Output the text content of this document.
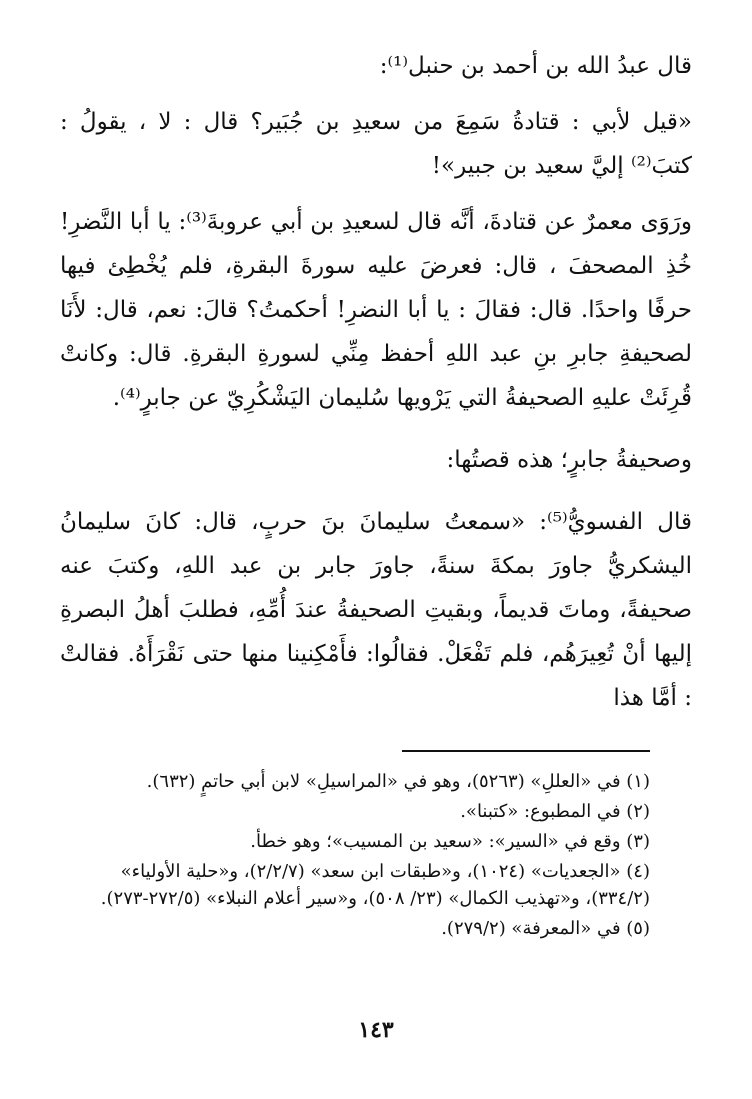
قال عبدُ الله بن أحمد بن حنبل⁽¹⁾:

«قيل لأبي : قتادةُ سَمِعَ من سعيدِ بن جُبَير؟ قال : لا ، يقولُ : كتبَ⁽²⁾ إليَّ سعيد بن جبير»!

ورَوَى معمرٌ عن قتادةَ، أنَّه قال لسعيدِ بن أبي عروبةَ⁽³⁾: يا أبا النَّضرِ! خُذِ المصحفَ ، قال: فعرضَ عليه سورةَ البقرةِ، فلم يُخْطِئ فيها حرفًا واحدًا. قال: فقالَ : يا أبا النضرِ! أحكمتُ؟ قالَ: نعم، قال: لأَنَا لصحيفةِ جابرِ بنِ عبد اللهِ أحفظ مِنِّي لسورةِ البقرةِ. قال: وكانتْ قُرِئَتْ عليهِ الصحيفةُ التي يَرْويها سُليمان اليَشْكُرِيّ عن جابرٍ⁽⁴⁾.

وصحيفةُ جابرٍ؛ هذه قصتُها:

قال الفسويُّ⁽⁵⁾: «سمعتُ سليمانَ بنَ حربٍ، قال: كانَ سليمانُ اليشكريُّ جاورَ بمكةَ سنةً، جاورَ جابر بن عبد اللهِ، وكتبَ عنه صحيفةً، وماتَ قديماً، وبقيتِ الصحيفةُ عندَ أُمِّهِ، فطلبَ أهلُ البصرةِ إليها أنْ تُعِيرَهُم، فلم تَفْعَلْ. فقالُوا: فأَمْكِنينا منها حتى نَقْرَأَهُ. فقالتْ : أمَّا هذا

(١) في «العللِ» (٥٢٦٣)، وهو في «المراسيلِ» لابن أبي حاتمٍ (٦٣٢).

(٢) في المطبوع: «كتبنا».

(٣) وقع في «السير»: «سعيد بن المسيب»؛ وهو خطأ.

(٤) «الجعديات» (١٠٢٤)، و«طبقات ابن سعد» (٢/٢/٧)، و«حلية الأولياء» (٣٣٤/٢)، و«تهذيب الكمال» (٢٣/ ٥٠٨)، و«سير أعلام النبلاء» (٢٧٢/٥-٢٧٣).

(٥) في «المعرفة» (٢٧٩/٢).

١٤٣
